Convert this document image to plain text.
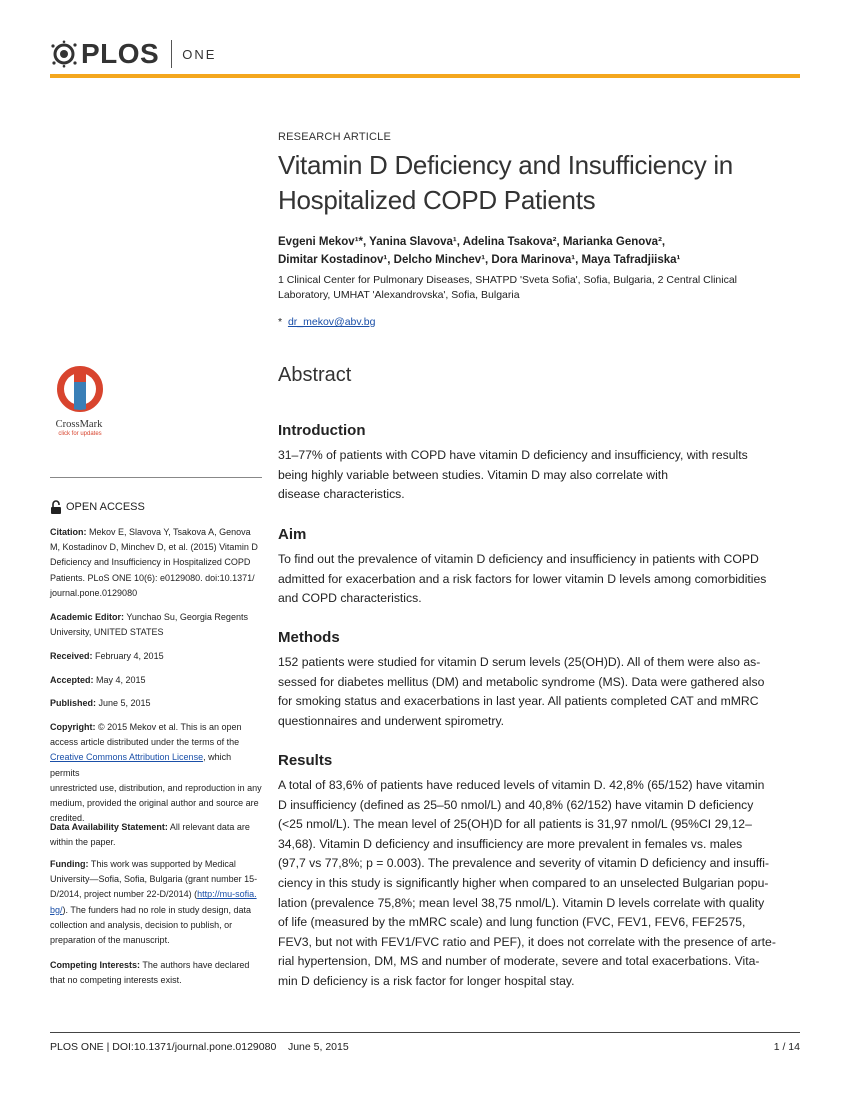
PLOS ONE
RESEARCH ARTICLE
Vitamin D Deficiency and Insufficiency in
Hospitalized COPD Patients
Evgeni Mekov¹*, Yanina Slavova¹, Adelina Tsakova², Marianka Genova²,
Dimitar Kostadinov¹, Delcho Minchev¹, Dora Marinova¹, Maya Tafradjiiska¹
1 Clinical Center for Pulmonary Diseases, SHATPD 'Sveta Sofia', Sofia, Bulgaria, 2 Central Clinical
Laboratory, UMHAT 'Alexandrovska', Sofia, Bulgaria
* dr_mekov@abv.bg
Abstract
Introduction
31–77% of patients with COPD have vitamin D deficiency and insufficiency, with results
being highly variable between studies. Vitamin D may also correlate with
disease characteristics.
Aim
To find out the prevalence of vitamin D deficiency and insufficiency in patients with COPD
admitted for exacerbation and a risk factors for lower vitamin D levels among comorbidities
and COPD characteristics.
Methods
152 patients were studied for vitamin D serum levels (25(OH)D). All of them were also as-
sessed for diabetes mellitus (DM) and metabolic syndrome (MS). Data were gathered also
for smoking status and exacerbations in last year. All patients completed CAT and mMRC
questionnaires and underwent spirometry.
Results
A total of 83,6% of patients have reduced levels of vitamin D. 42,8% (65/152) have vitamin
D insufficiency (defined as 25–50 nmol/L) and 40,8% (62/152) have vitamin D deficiency
(<25 nmol/L). The mean level of 25(OH)D for all patients is 31,97 nmol/L (95%CI 29,12–
34,68). Vitamin D deficiency and insufficiency are more prevalent in females vs. males
(97,7 vs 77,8%; p = 0.003). The prevalence and severity of vitamin D deficiency and insuffi-
ciency in this study is significantly higher when compared to an unselected Bulgarian popu-
lation (prevalence 75,8%; mean level 38,75 nmol/L). Vitamin D levels correlate with quality
of life (measured by the mMRC scale) and lung function (FVC, FEV1, FEV6, FEF2575,
FEV3, but not with FEV1/FVC ratio and PEF), it does not correlate with the presence of arte-
rial hypertension, DM, MS and number of moderate, severe and total exacerbations. Vita-
min D deficiency is a risk factor for longer hospital stay.
CrossMark
click for updates
OPEN ACCESS
Citation: Mekov E, Slavova Y, Tsakova A, Genova
M, Kostadinov D, Minchev D, et al. (2015) Vitamin D
Deficiency and Insufficiency in Hospitalized COPD
Patients. PLoS ONE 10(6): e0129080. doi:10.1371/
journal.pone.0129080
Academic Editor: Yunchao Su, Georgia Regents
University, UNITED STATES
Received: February 4, 2015
Accepted: May 4, 2015
Published: June 5, 2015
Copyright: © 2015 Mekov et al. This is an open
access article distributed under the terms of the
Creative Commons Attribution License, which permits
unrestricted use, distribution, and reproduction in any
medium, provided the original author and source are
credited.
Data Availability Statement: All relevant data are
within the paper.
Funding: This work was supported by Medical
University—Sofia, Sofia, Bulgaria (grant number 15-
D/2014, project number 22-D/2014) (http://mu-sofia.
bg/). The funders had no role in study design, data
collection and analysis, decision to publish, or
preparation of the manuscript.
Competing Interests: The authors have declared
that no competing interests exist.
PLOS ONE | DOI:10.1371/journal.pone.0129080    June 5, 2015	1 / 14
